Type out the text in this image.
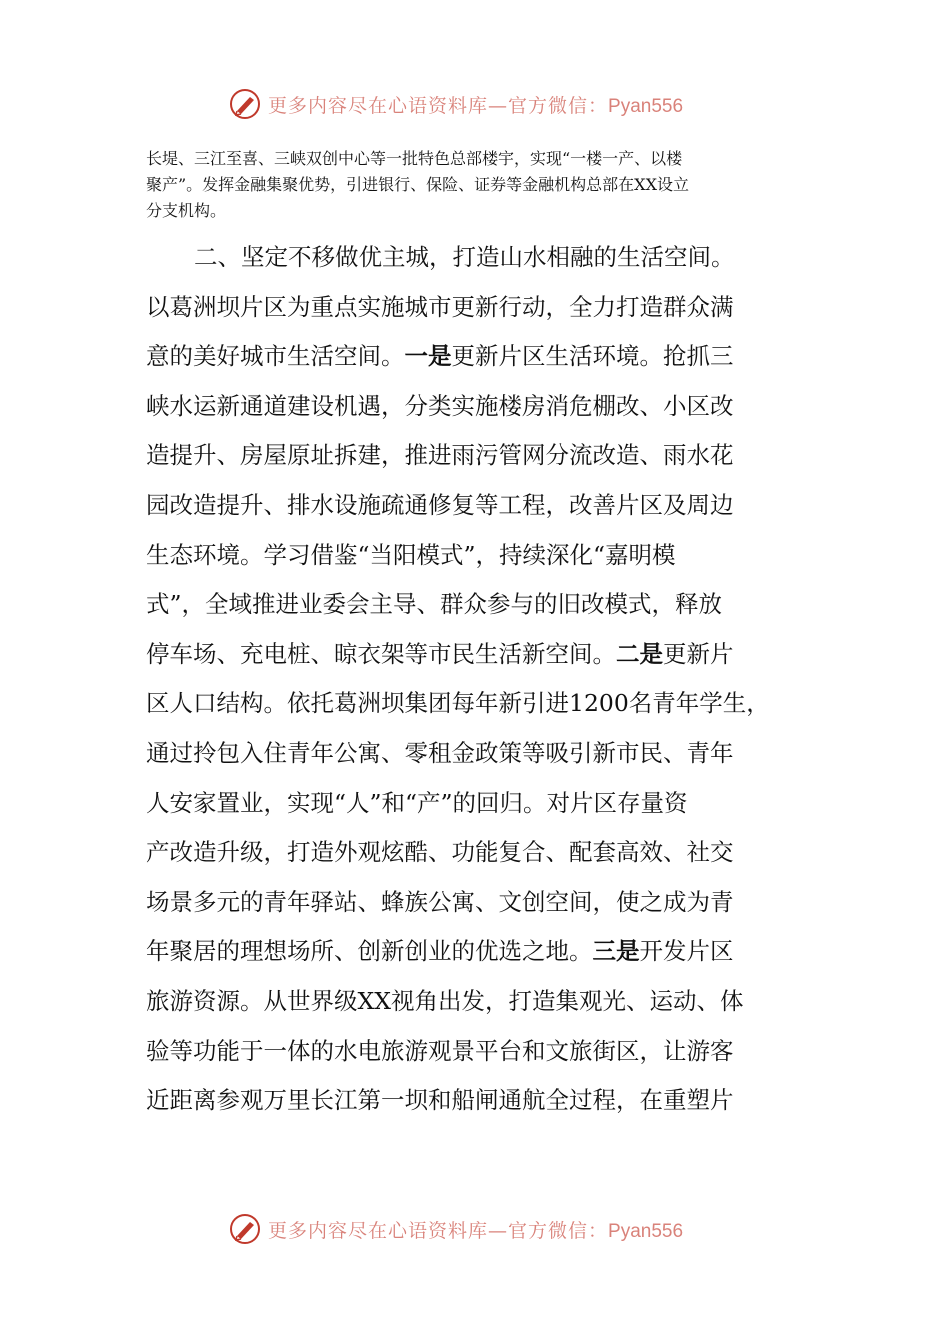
更多内容尽在心语资料库—官方微信：Pyan556
长堤、三江至喜、三峡双创中心等一批特色总部楼宇，实现“一楼一产、以楼
聚产”。发挥金融集聚优势，引进银行、保险、证券等金融机构总部在XX设立
分支机构。
二、坚定不移做优主城，打造山水相融的生活空间。
以葛洲坝片区为重点实施城市更新行动，全力打造群众满
意的美好城市生活空间。一是更新片区生活环境。抢抓三
峡水运新通道建设机遇，分类实施楼房消危棚改、小区改
造提升、房屋原址拆建，推进雨污管网分流改造、雨水花
园改造提升、排水设施疏通修复等工程，改善片区及周边
生态环境。学习借鉴“当阳模式”，持续深化“嘉明模
式”，全域推进业委会主导、群众参与的旧改模式，释放
停车场、充电桩、晾衣架等市民生活新空间。二是更新片
区人口结构。依托葛洲坝集团每年新引进1200名青年学生，
通过拎包入住青年公寓、零租金政策等吸引新市民、青年
人安家置业，实现“人”和“产”的回归。对片区存量资
产改造升级，打造外观炫酷、功能复合、配套高效、社交
场景多元的青年驿站、蜂族公寓、文创空间，使之成为青
年聚居的理想场所、创新创业的优选之地。三是开发片区
旅游资源。从世界级XX视角出发，打造集观光、运动、体
验等功能于一体的水电旅游观景平台和文旅街区，让游客
近距离参观万里长江第一坝和船闸通航全过程，在重塑片
更多内容尽在心语资料库—官方微信：Pyan556
